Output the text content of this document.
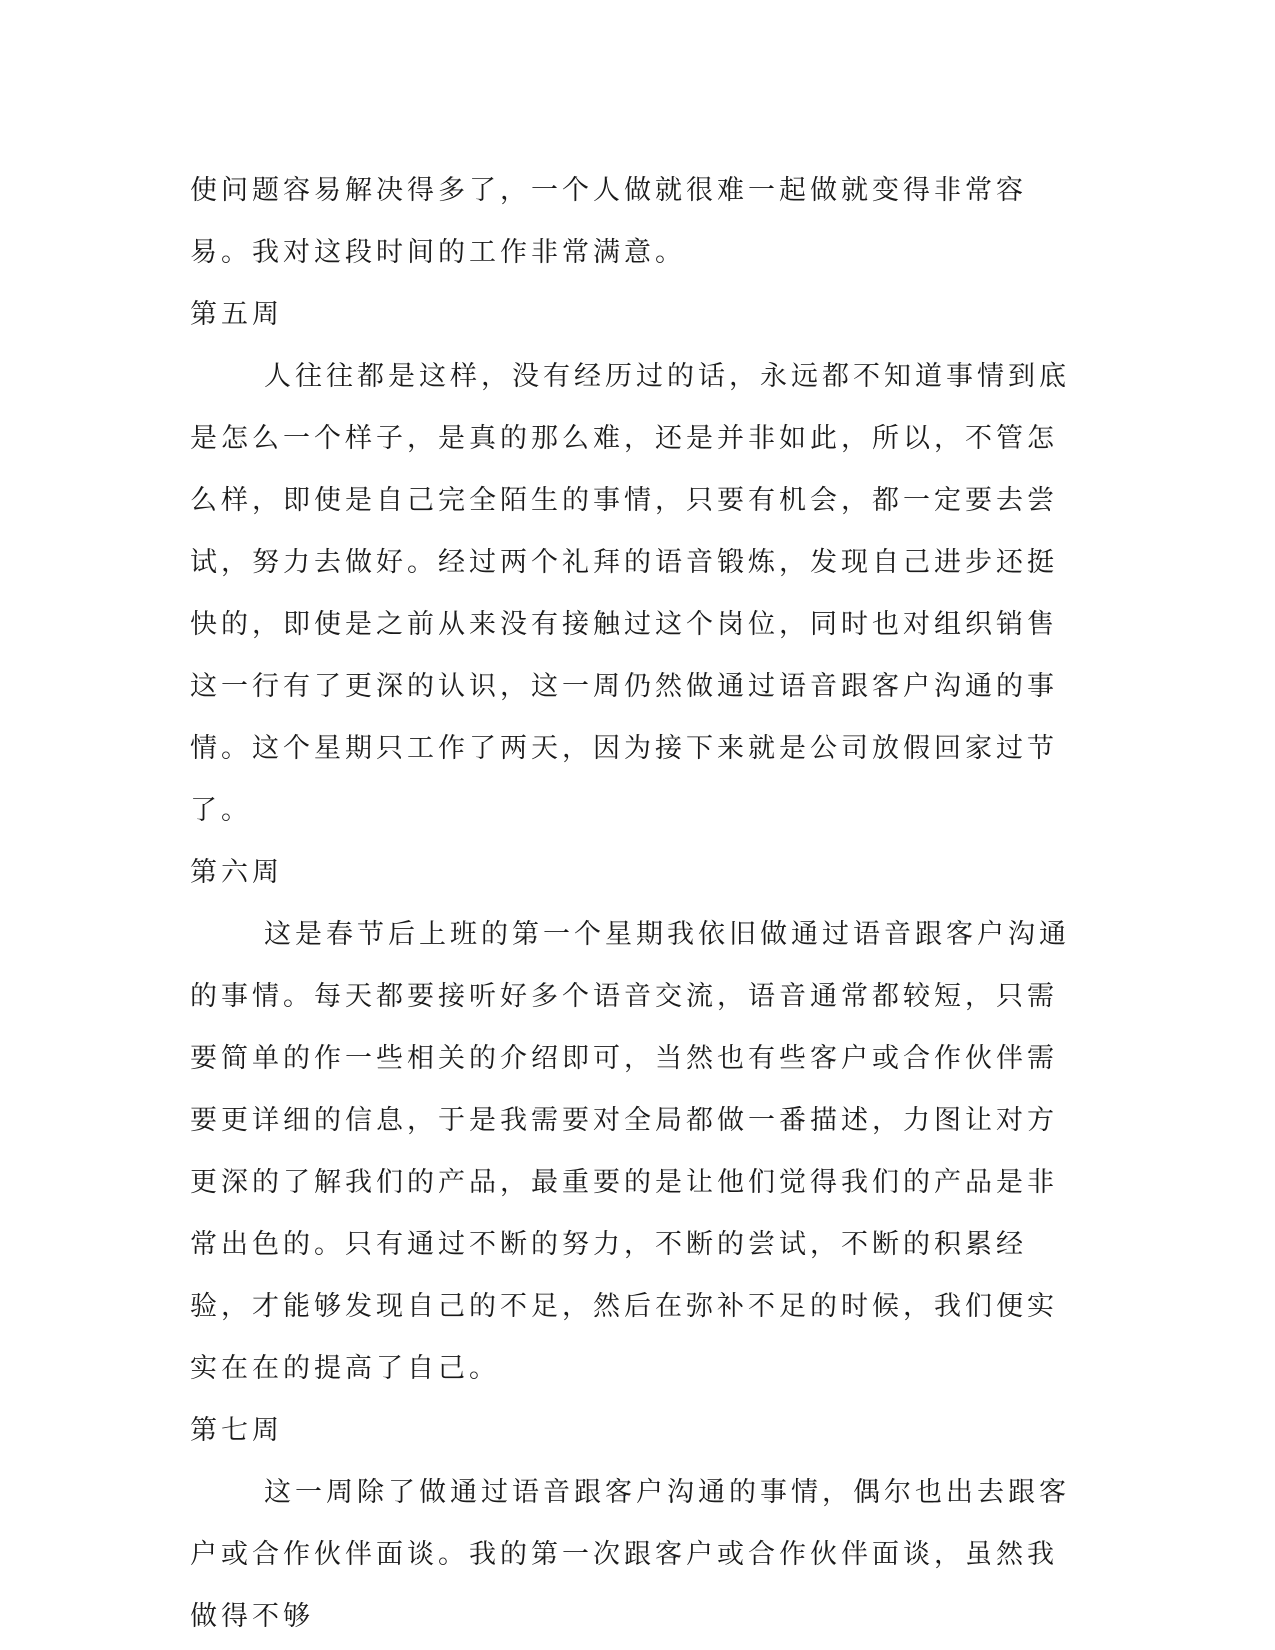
使问题容易解决得多了，一个人做就很难一起做就变得非常容易。我对这段时间的工作非常满意。

第五周

人往往都是这样，没有经历过的话，永远都不知道事情到底是怎么一个样子，是真的那么难，还是并非如此，所以，不管怎么样，即使是自己完全陌生的事情，只要有机会，都一定要去尝试，努力去做好。经过两个礼拜的语音锻炼，发现自己进步还挺快的，即使是之前从来没有接触过这个岗位，同时也对组织销售这一行有了更深的认识，这一周仍然做通过语音跟客户沟通的事情。这个星期只工作了两天，因为接下来就是公司放假回家过节了。

第六周

这是春节后上班的第一个星期我依旧做通过语音跟客户沟通的事情。每天都要接听好多个语音交流，语音通常都较短，只需要简单的作一些相关的介绍即可，当然也有些客户或合作伙伴需要更详细的信息，于是我需要对全局都做一番描述，力图让对方更深的了解我们的产品，最重要的是让他们觉得我们的产品是非常出色的。只有通过不断的努力，不断的尝试，不断的积累经验，才能够发现自己的不足，然后在弥补不足的时候，我们便实实在在的提高了自己。

第七周

这一周除了做通过语音跟客户沟通的事情，偶尔也出去跟客户或合作伙伴面谈。我的第一次跟客户或合作伙伴面谈，虽然我做得不够
